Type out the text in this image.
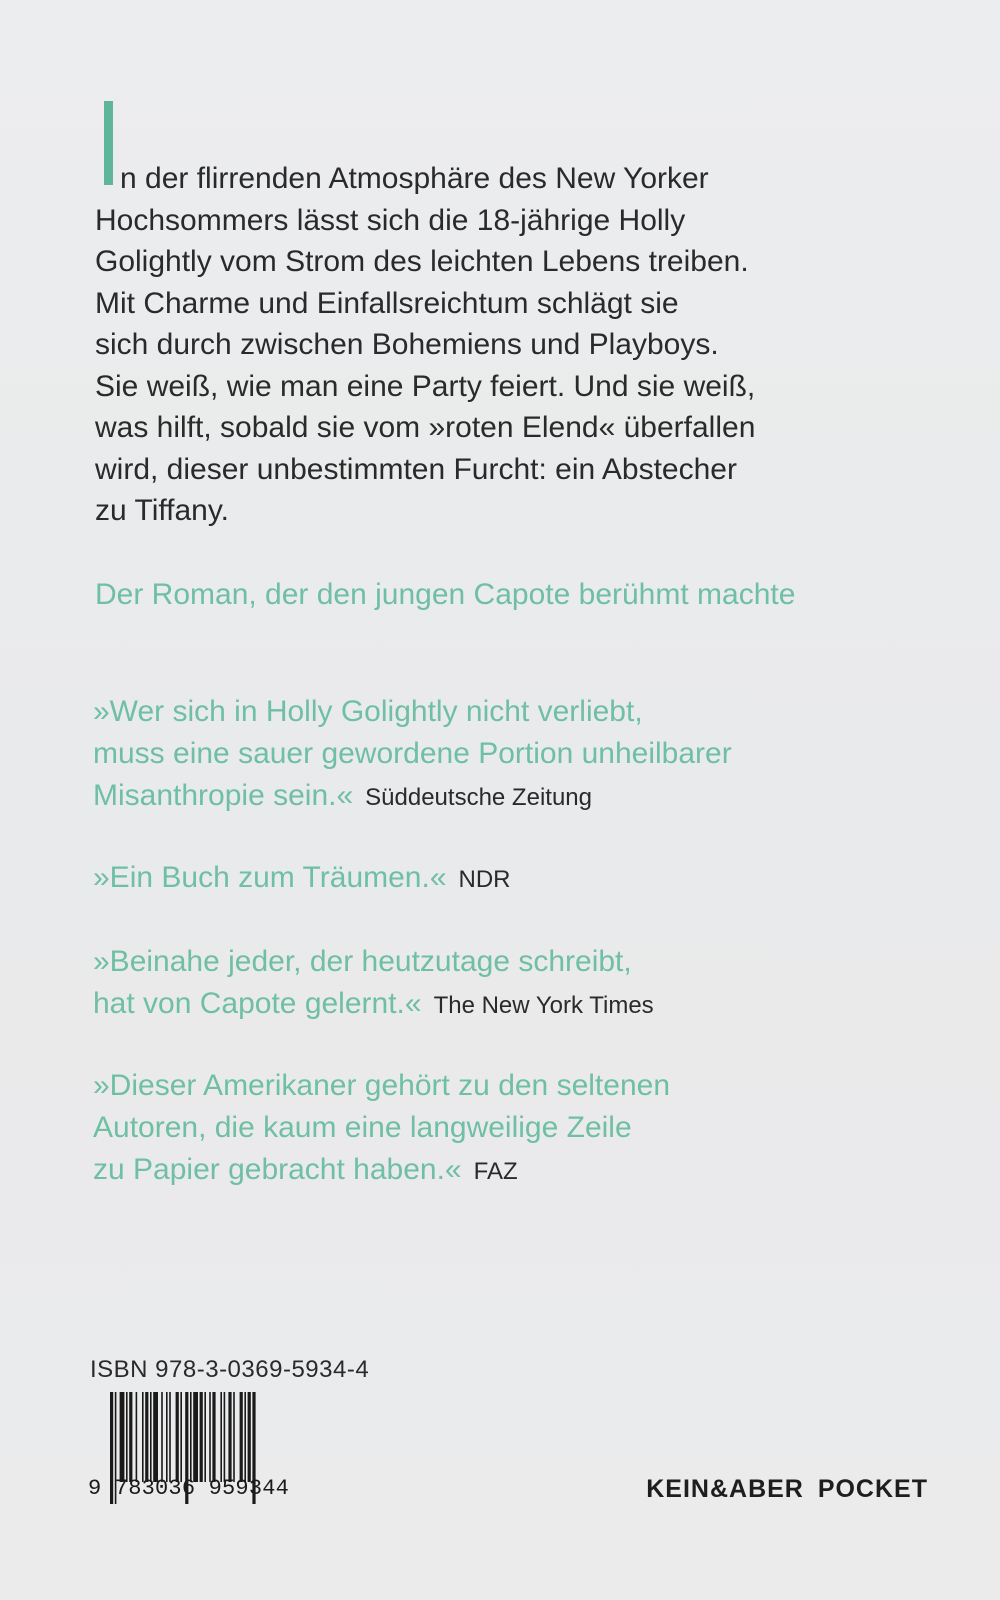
n der flirrenden Atmosphäre des New Yorker
Hochsommers lässt sich die 18-jährige Holly
Golightly vom Strom des leichten Lebens treiben.
Mit Charme und Einfallsreichtum schlägt sie
sich durch zwischen Bohemiens und Playboys.
Sie weiß, wie man eine Party feiert. Und sie weiß,
was hilft, sobald sie vom »roten Elend« überfallen
wird, dieser unbestimmten Furcht: ein Abstecher
zu Tiffany.

Der Roman, der den jungen Capote berühmt machte

»Wer sich in Holly Golightly nicht verliebt,
muss eine sauer gewordene Portion unheilbarer
Misanthropie sein.« Süddeutsche Zeitung
»Ein Buch zum Träumen.« NDR
»Beinahe jeder, der heutzutage schreibt,
hat von Capote gelernt.« The New York Times
»Dieser Amerikaner gehört zu den seltenen
Autoren, die kaum eine langweilige Zeile
zu Papier gebracht haben.« FAZ
ISBN 978-3-0369-5934-4
9 783036 959344	KEIN&ABER POCKET
